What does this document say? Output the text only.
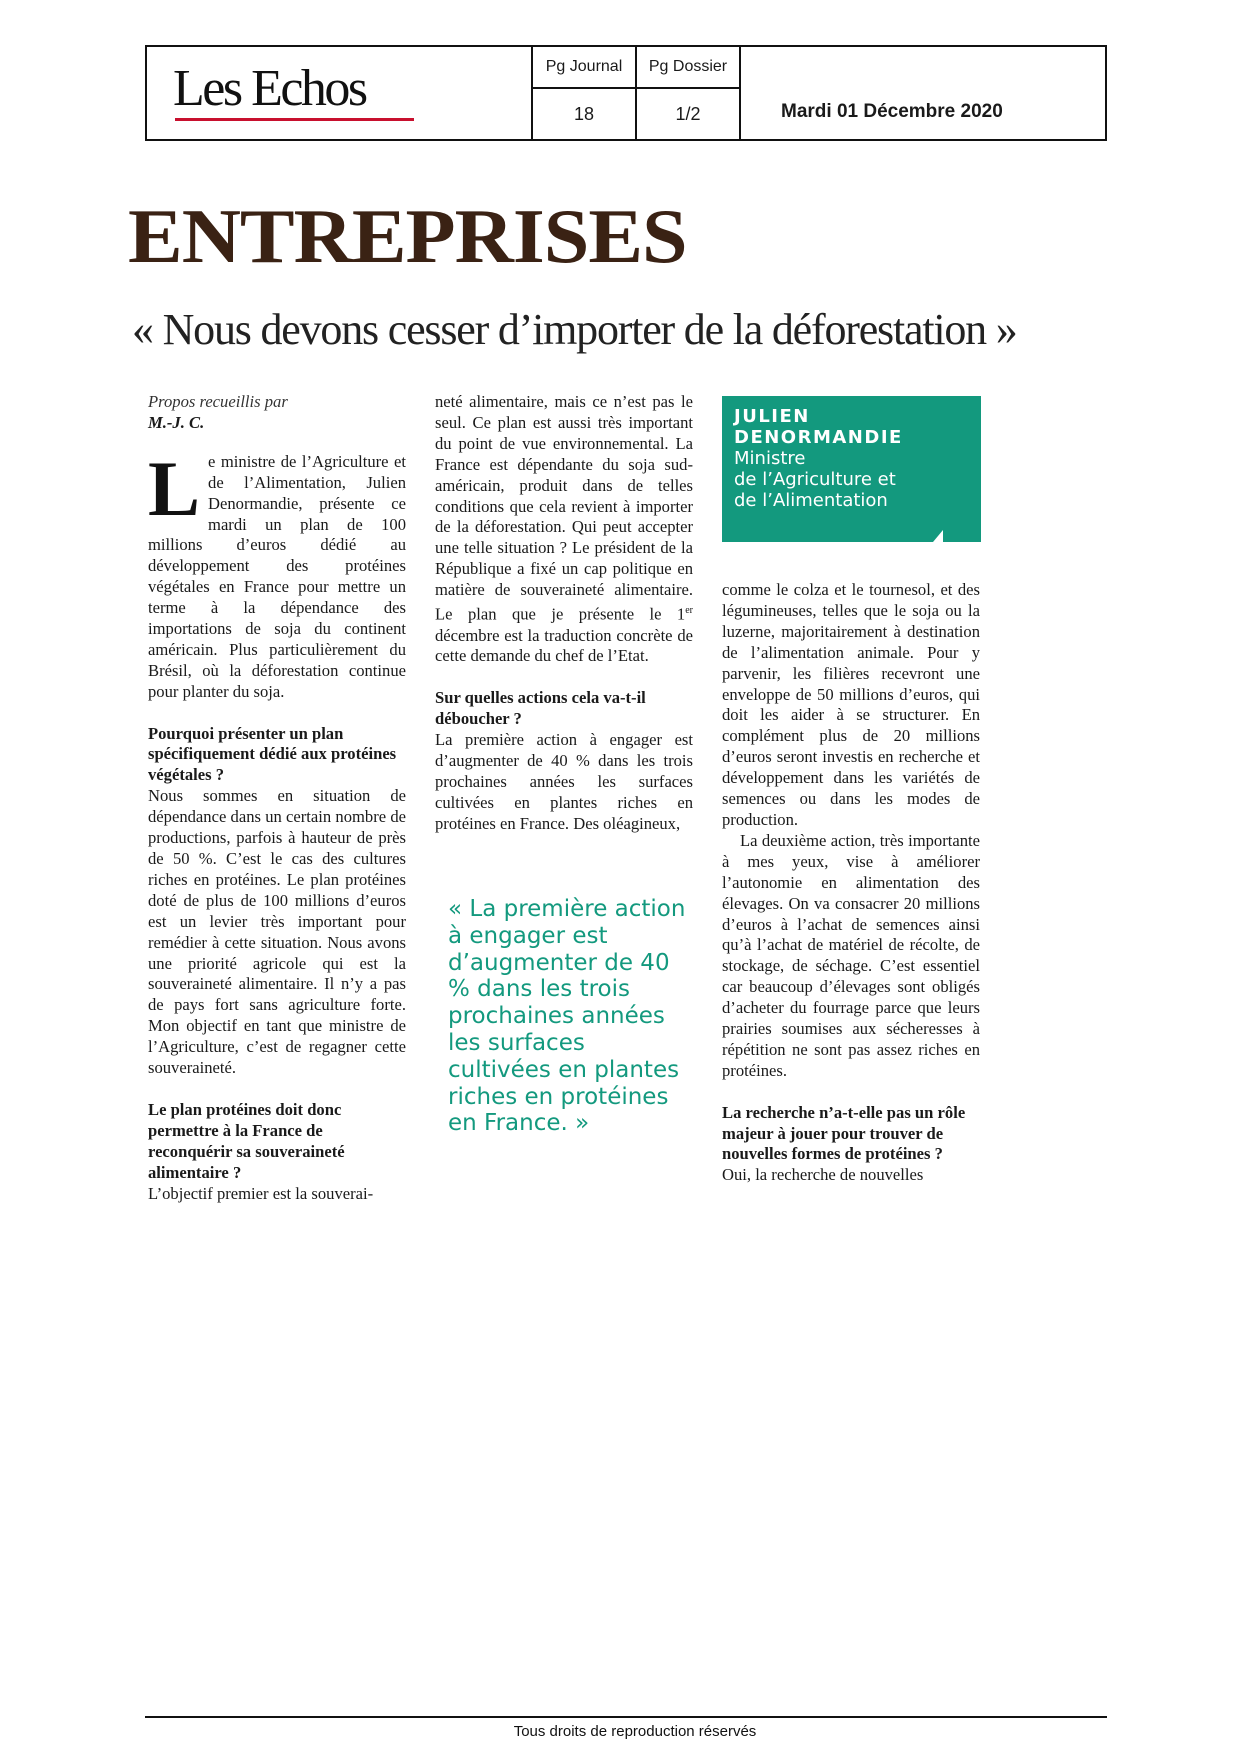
Les Echos	Pg Journal
18
Pg Dossier
1/2	Mardi 01 Décembre 2020
ENTREPRISES
« Nous devons cesser d’importer de la déforestation »

Propos recueillis par

M.-J. C.

Le ministre de l’Agriculture et de l’Alimentation, Julien Denormandie, présente ce mardi un plan de 100 millions d’euros dédié au développement des protéines végétales en France pour mettre un terme à la dépendance des importations de soja du continent américain. Plus particulièrement du Brésil, où la déforestation continue pour planter du soja.

Pourquoi présenter un plan spécifiquement dédié aux protéines végétales ?

Nous sommes en situation de dépendance dans un certain nombre de productions, parfois à hauteur de près de 50 %. C’est le cas des cultures riches en protéines. Le plan protéines doté de plus de 100 millions d’euros est un levier très important pour remédier à cette situation. Nous avons une priorité agricole qui est la souveraineté alimentaire. Il n’y a pas de pays fort sans agriculture forte. Mon objectif en tant que ministre de l’Agriculture, c’est de regagner cette souveraineté.

Le plan protéines doit donc permettre à la France de reconquérir sa souveraineté alimentaire ?

L’objectif premier est la souverai-

neté alimentaire, mais ce n’est pas le seul. Ce plan est aussi très important du point de vue environnemental. La France est dépendante du soja sud-américain, produit dans de telles conditions que cela revient à importer de la déforestation. Qui peut accepter une telle situation ? Le président de la République a fixé un cap politique en matière de souveraineté alimentaire. Le plan que je présente le 1er décembre est la traduction concrète de cette demande du chef de l’Etat.

Sur quelles actions cela va-t-il déboucher ?

La première action à engager est d’augmenter de 40 % dans les trois prochaines années les surfaces cultivées en plantes riches en protéines en France. Des oléagineux,

« La première action à engager est d’augmenter de 40 % dans les trois prochaines années les surfaces cultivées en plantes riches en protéines en France. »
JULIEN
DENORMANDIE
Ministre
de l’Agriculture et
de l’Alimentation

comme le colza et le tournesol, et des légumineuses, telles que le soja ou la luzerne, majoritairement à destination de l’alimentation animale. Pour y parvenir, les filières recevront une enveloppe de 50 millions d’euros, qui doit les aider à se structurer. En complément plus de 20 millions d’euros seront investis en recherche et développement dans les variétés de semences ou dans les modes de production.

La deuxième action, très importante à mes yeux, vise à améliorer l’autonomie en alimentation des élevages. On va consacrer 20 millions d’euros à l’achat de semences ainsi qu’à l’achat de matériel de récolte, de stockage, de séchage. C’est essentiel car beaucoup d’élevages sont obligés d’acheter du fourrage parce que leurs prairies soumises aux sécheresses à répétition ne sont pas assez riches en protéines.

La recherche n’a-t-elle pas un rôle majeur à jouer pour trouver de nouvelles formes de protéines ?

Oui, la recherche de nouvelles

Tous droits de reproduction réservés
